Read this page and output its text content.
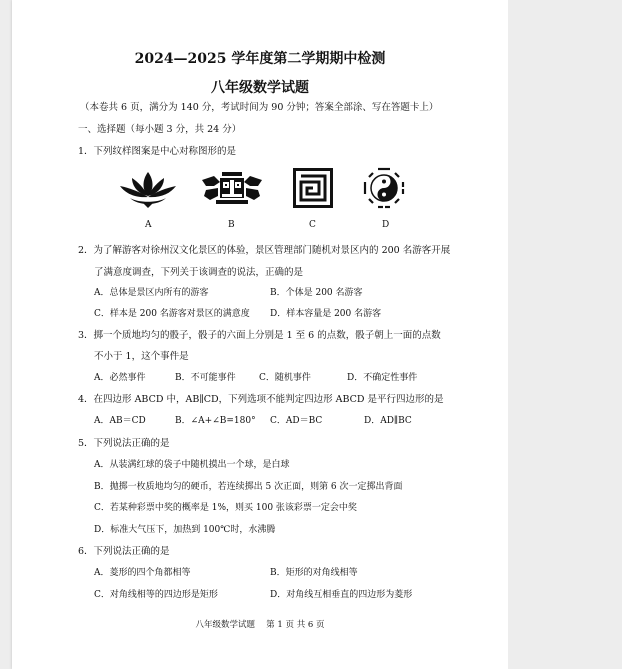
2024—2025 学年度第二学期期中检测
八年级数学试题
（本卷共 6 页，满分为 140 分，考试时间为 90 分钟；答案全部涂、写在答题卡上）
一、选择题（每小题 3 分，共 24 分）
1．下列纹样图案是中心对称图形的是
A	B	C	D
2．为了解游客对徐州汉文化景区的体验，景区管理部门随机对景区内的 200 名游客开展
了满意度调查，下列关于该调查的说法，正确的是
A．总体是景区内所有的游客	B．个体是 200 名游客
C．样本是 200 名游客对景区的满意度 D．样本容量是 200 名游客
3．掷一个质地均匀的骰子，骰子的六面上分别是 1 至 6 的点数，骰子朝上一面的点数
不小于 1，这个事件是
A．必然事件	B．不可能事件	C．随机事件	D．不确定性事件
4．在四边形 ABCD 中，AB∥CD，下列选项不能判定四边形 ABCD 是平行四边形的是
A．AB＝CD	B．∠A+∠B=180° C．AD＝BC	D．AD∥BC
5．下列说法正确的是
A．从装满红球的袋子中随机摸出一个球，是白球
B．抛掷一枚质地均匀的硬币，若连续掷出 5 次正面，则第 6 次一定掷出背面
C．若某种彩票中奖的概率是 1%，则买 100 张该彩票一定会中奖
D．标准大气压下，加热到 100℃时，水沸腾
6．下列说法正确的是
A．菱形的四个角都相等	B．矩形的对角线相等
C．对角线相等的四边形是矩形	D．对角线互相垂直的四边形为菱形
八年级数学试题　 第 1 页 共 6 页
